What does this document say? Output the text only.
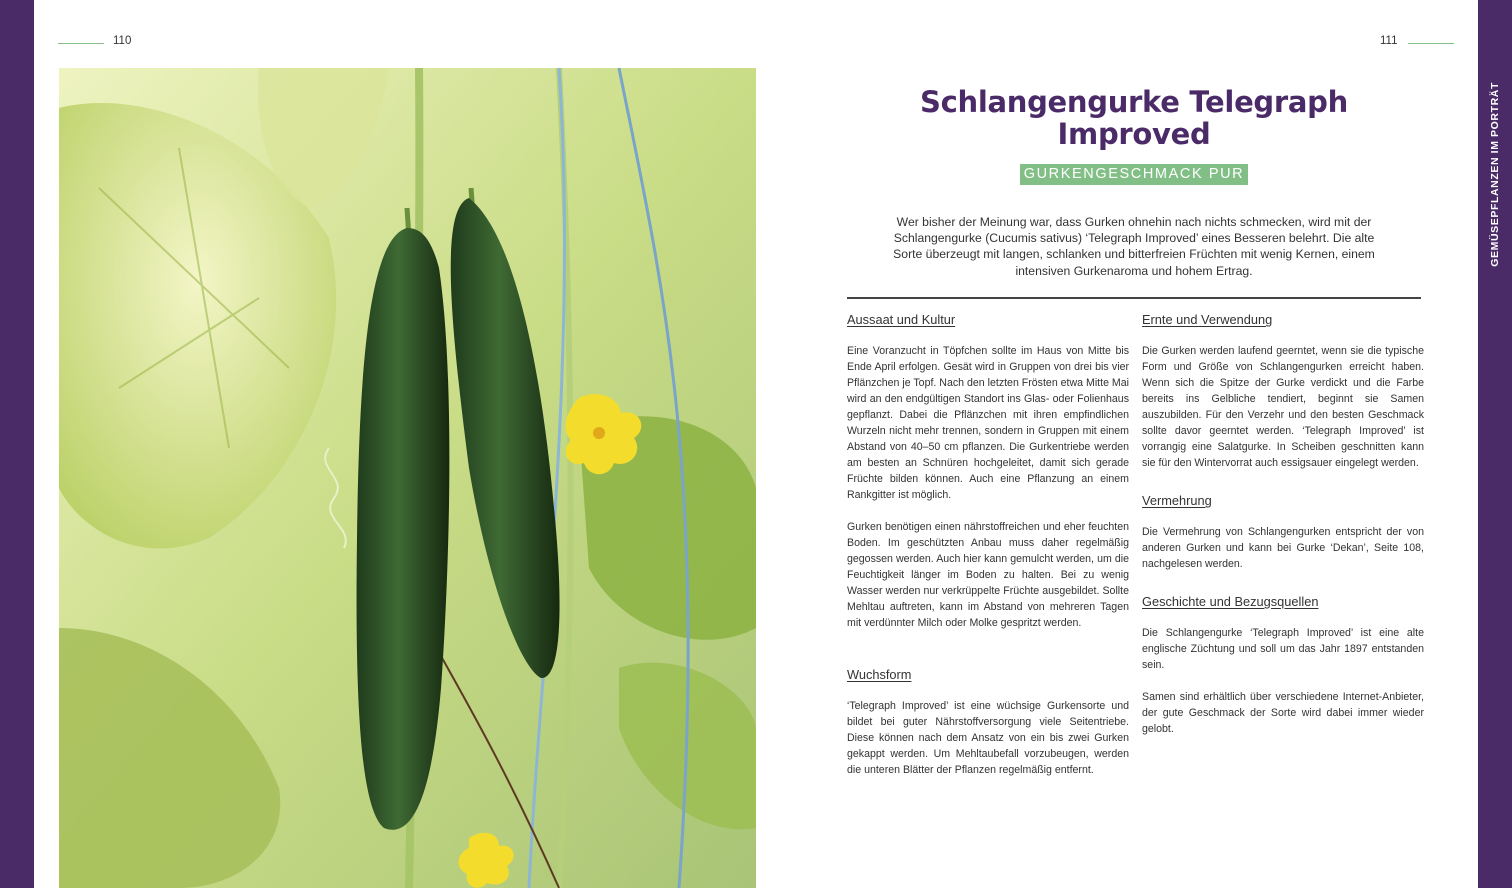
GEMÜSEPFLANZEN IM PORTRÄT
110	111
Schlangengurke Telegraph Improved
GURKENGESCHMACK PUR

Wer bisher der Meinung war, dass Gurken ohnehin nach nichts schmecken, wird mit der Schlangengurke (Cucumis sativus) ‘Telegraph Improved’ eines Besseren belehrt. Die alte Sorte überzeugt mit langen, schlanken und bitterfreien Früchten mit wenig Kernen, einem intensiven Gurkenaroma und hohem Ertrag.

Aussaat und Kultur

Eine Voranzucht in Töpfchen sollte im Haus von Mitte bis Ende April erfolgen. Gesät wird in Gruppen von drei bis vier Pflänzchen je Topf. Nach den letzten Frösten etwa Mitte Mai wird an den endgültigen Standort ins Glas- oder Folienhaus gepflanzt. Dabei die Pflänzchen mit ihren empfindlichen Wurzeln nicht mehr trennen, sondern in Gruppen mit einem Abstand von 40–50 cm pflanzen. Die Gurkentriebe werden am besten an Schnüren hochgeleitet, damit sich gerade Früchte bilden können. Auch eine Pflanzung an einem Rankgitter ist möglich.

Gurken benötigen einen nährstoffreichen und eher feuchten Boden. Im geschützten Anbau muss daher regelmäßig gegossen werden. Auch hier kann gemulcht werden, um die Feuchtigkeit länger im Boden zu halten. Bei zu wenig Wasser werden nur verkrüppelte Früchte ausgebildet. Sollte Mehltau auftreten, kann im Abstand von mehreren Tagen mit verdünnter Milch oder Molke gespritzt werden.

Wuchsform

‘Telegraph Improved’ ist eine wüchsige Gurkensorte und bildet bei guter Nährstoffversorgung viele Seitentriebe. Diese können nach dem Ansatz von ein bis zwei Gurken gekappt werden. Um Mehltaubefall vorzubeugen, werden die unteren Blätter der Pflanzen regelmäßig entfernt.

Ernte und Verwendung

Die Gurken werden laufend geerntet, wenn sie die typische Form und Größe von Schlangengurken erreicht haben. Wenn sich die Spitze der Gurke verdickt und die Farbe bereits ins Gelbliche tendiert, beginnt sie Samen auszubilden. Für den Verzehr und den besten Geschmack sollte davor geerntet werden. ‘Telegraph Improved’ ist vorrangig eine Salatgurke. In Scheiben geschnitten kann sie für den Wintervorrat auch essigsauer eingelegt werden.

Vermehrung

Die Vermehrung von Schlangengurken entspricht der von anderen Gurken und kann bei Gurke ‘Dekan’, Seite 108, nachgelesen werden.

Geschichte und Bezugsquellen

Die Schlangengurke ‘Telegraph Improved’ ist eine alte englische Züchtung und soll um das Jahr 1897 entstanden sein.

Samen sind erhältlich über verschiedene Internet-Anbieter, der gute Geschmack der Sorte wird dabei immer wieder gelobt.
